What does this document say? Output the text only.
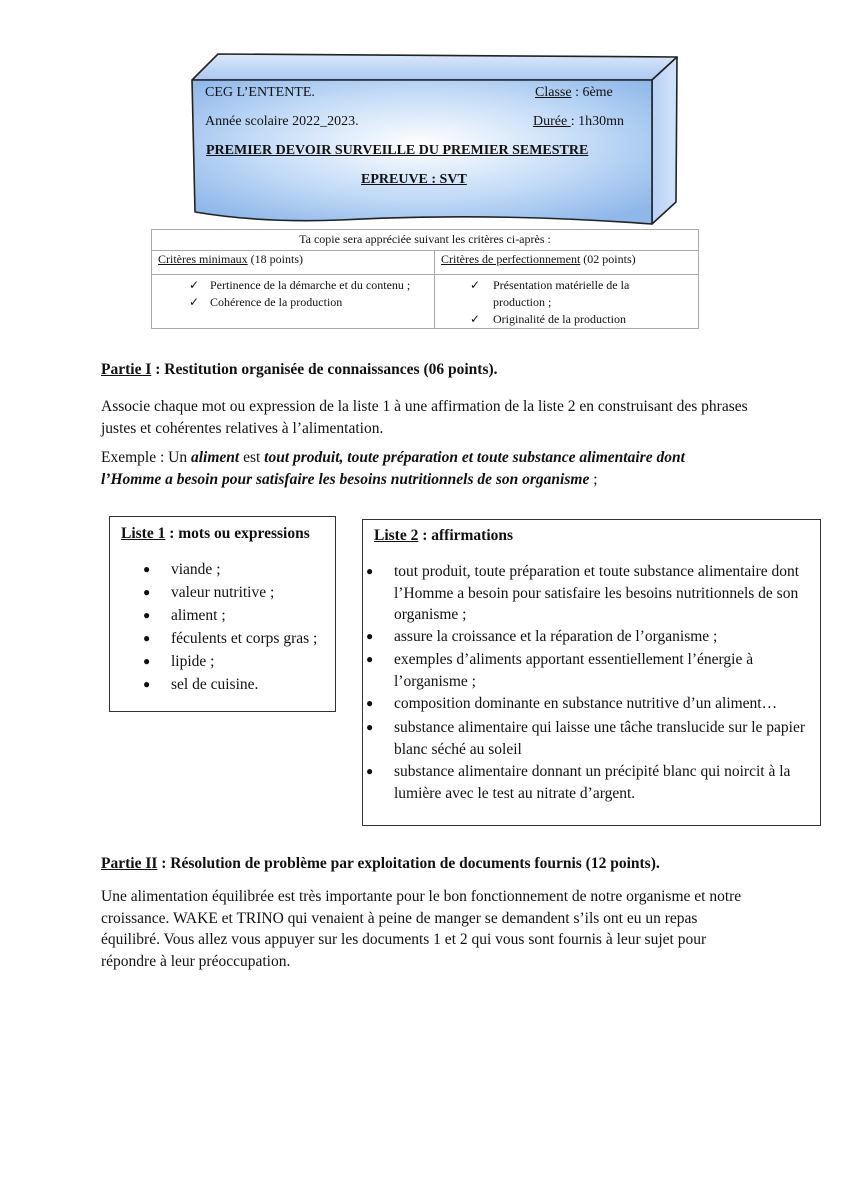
CEG L’ENTENTE.	Classe : 6ème
Année scolaire 2022_2023.	Durée : 1h30mn
PREMIER DEVOIR SURVEILLE DU PREMIER SEMESTRE
EPREUVE : SVT
Ta copie sera appréciée suivant les critères ci-après :
Critères minimaux (18 points)
✓ Pertinence de la démarche et du contenu ;
✓ Cohérence de la production
Critères de perfectionnement (02 points)
✓ Présentation matérielle de la
production ;
✓ Originalité de la production
Partie I : Restitution organisée de connaissances (06 points).
Associe chaque mot ou expression de la liste 1 à une affirmation de la liste 2 en construisant des phrases justes et cohérentes relatives à l’alimentation.
Exemple : Un aliment est tout produit, toute préparation et toute substance alimentaire dont l’Homme a besoin pour satisfaire les besoins nutritionnels de son organisme ;
Liste 1 : mots ou expressions
● viande ;
● valeur nutritive ;
● aliment ;
● féculents et corps gras ;
● lipide ;
● sel de cuisine.
Liste 2 : affirmations
● tout produit, toute préparation et toute substance alimentaire dont l’Homme a besoin pour satisfaire les besoins nutritionnels de son organisme ;
● assure la croissance et la réparation de l’organisme ;
● exemples d’aliments apportant essentiellement l’énergie à l’organisme ;
● composition dominante en substance nutritive d’un aliment…
● substance alimentaire qui laisse une tâche translucide sur le papier blanc séché au soleil
● substance alimentaire donnant un précipité blanc qui noircit à la lumière avec le test au nitrate d’argent.
Partie II : Résolution de problème par exploitation de documents fournis (12 points).
Une alimentation équilibrée est très importante pour le bon fonctionnement de notre organisme et notre croissance. WAKE et TRINO qui venaient à peine de manger se demandent s’ils ont eu un repas équilibré. Vous allez vous appuyer sur les documents 1 et 2 qui vous sont fournis à leur sujet pour répondre à leur préoccupation.
